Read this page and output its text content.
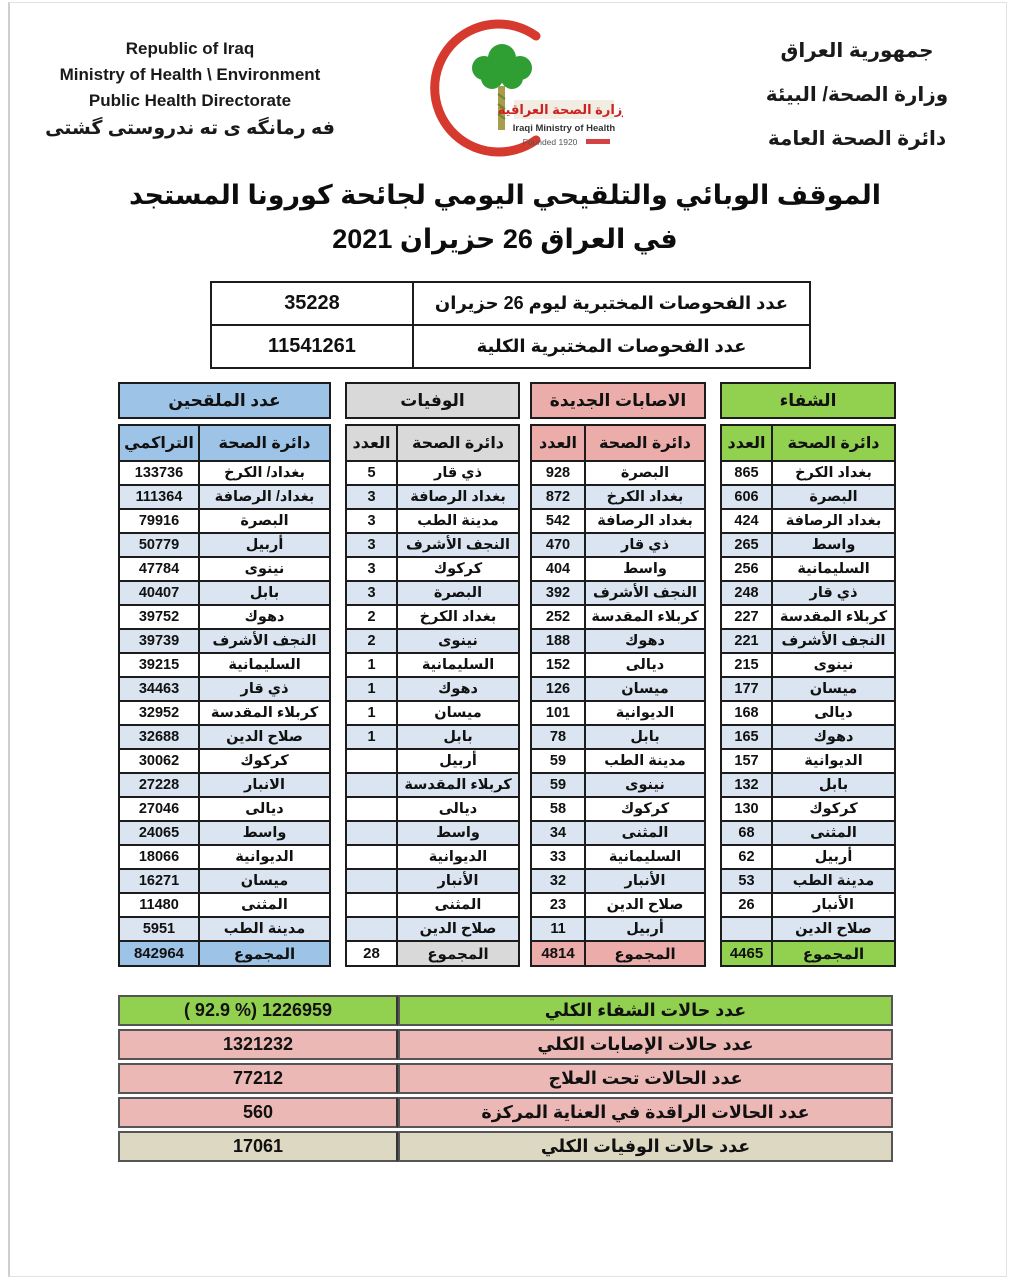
Republic of Iraq
Ministry of Health \ Environment
Public Health Directorate
فه رمانگه ی ته ندروستی گشتی
وزارة الصحة العراقية
Iraqi Ministry of Health
Founded 1920
جمهورية العراق
وزارة الصحة/ البيئة
دائرة الصحة العامة
الموقف الوبائي والتلقيحي اليومي لجائحة كورونا المستجد
في العراق 26 حزيران 2021
35228	عدد الفحوصات المختبرية ليوم 26 حزيران
11541261	عدد الفحوصات المختبرية الكلية
عدد الملقحين
التراكمي	دائرة الصحة
133736	بغداد/ الكرخ
111364	بغداد/ الرصافة
79916	البصرة
50779	أربيل
47784	نينوى
40407	بابل
39752	دهوك
39739	النجف الأشرف
39215	السليمانية
34463	ذي قار
32952	كربلاء المقدسة
32688	صلاح الدين
30062	كركوك
27228	الانبار
27046	ديالى
24065	واسط
18066	الديوانية
16271	ميسان
11480	المثنى
5951	مدينة الطب
842964	المجموع
الوفيات
العدد	دائرة الصحة
5	ذي قار
3	بغداد الرصافة
3	مدينة الطب
3	النجف الأشرف
3	كركوك
3	البصرة
2	بغداد الكرخ
2	نينوى
1	السليمانية
1	دهوك
1	ميسان
1	بابل
	أربيل
	كربلاء المقدسة
	ديالى
	واسط
	الديوانية
	الأنبار
	المثنى
	صلاح الدين
28	المجموع
الاصابات الجديدة
العدد	دائرة الصحة
928	البصرة
872	بغداد الكرخ
542	بغداد الرصافة
470	ذي قار
404	واسط
392	النجف الأشرف
252	كربلاء المقدسة
188	دهوك
152	ديالى
126	ميسان
101	الديوانية
78	بابل
59	مدينة الطب
59	نينوى
58	كركوك
34	المثنى
33	السليمانية
32	الأنبار
23	صلاح الدين
11	أربيل
4814	المجموع
الشفاء
العدد	دائرة الصحة
865	بغداد الكرخ
606	البصرة
424	بغداد الرصافة
265	واسط
256	السليمانية
248	ذي قار
227	كربلاء المقدسة
221	النجف الأشرف
215	نينوى
177	ميسان
168	ديالى
165	دهوك
157	الديوانية
132	بابل
130	كركوك
68	المثنى
62	أربيل
53	مدينة الطب
26	الأنبار
	صلاح الدين
4465	المجموع
( 92.9 %) 1226959	عدد حالات الشفاء الكلي
1321232	عدد حالات الإصابات الكلي
77212	عدد الحالات تحت العلاج
560	عدد الحالات الراقدة في العناية المركزة
17061	عدد حالات الوفيات الكلي
